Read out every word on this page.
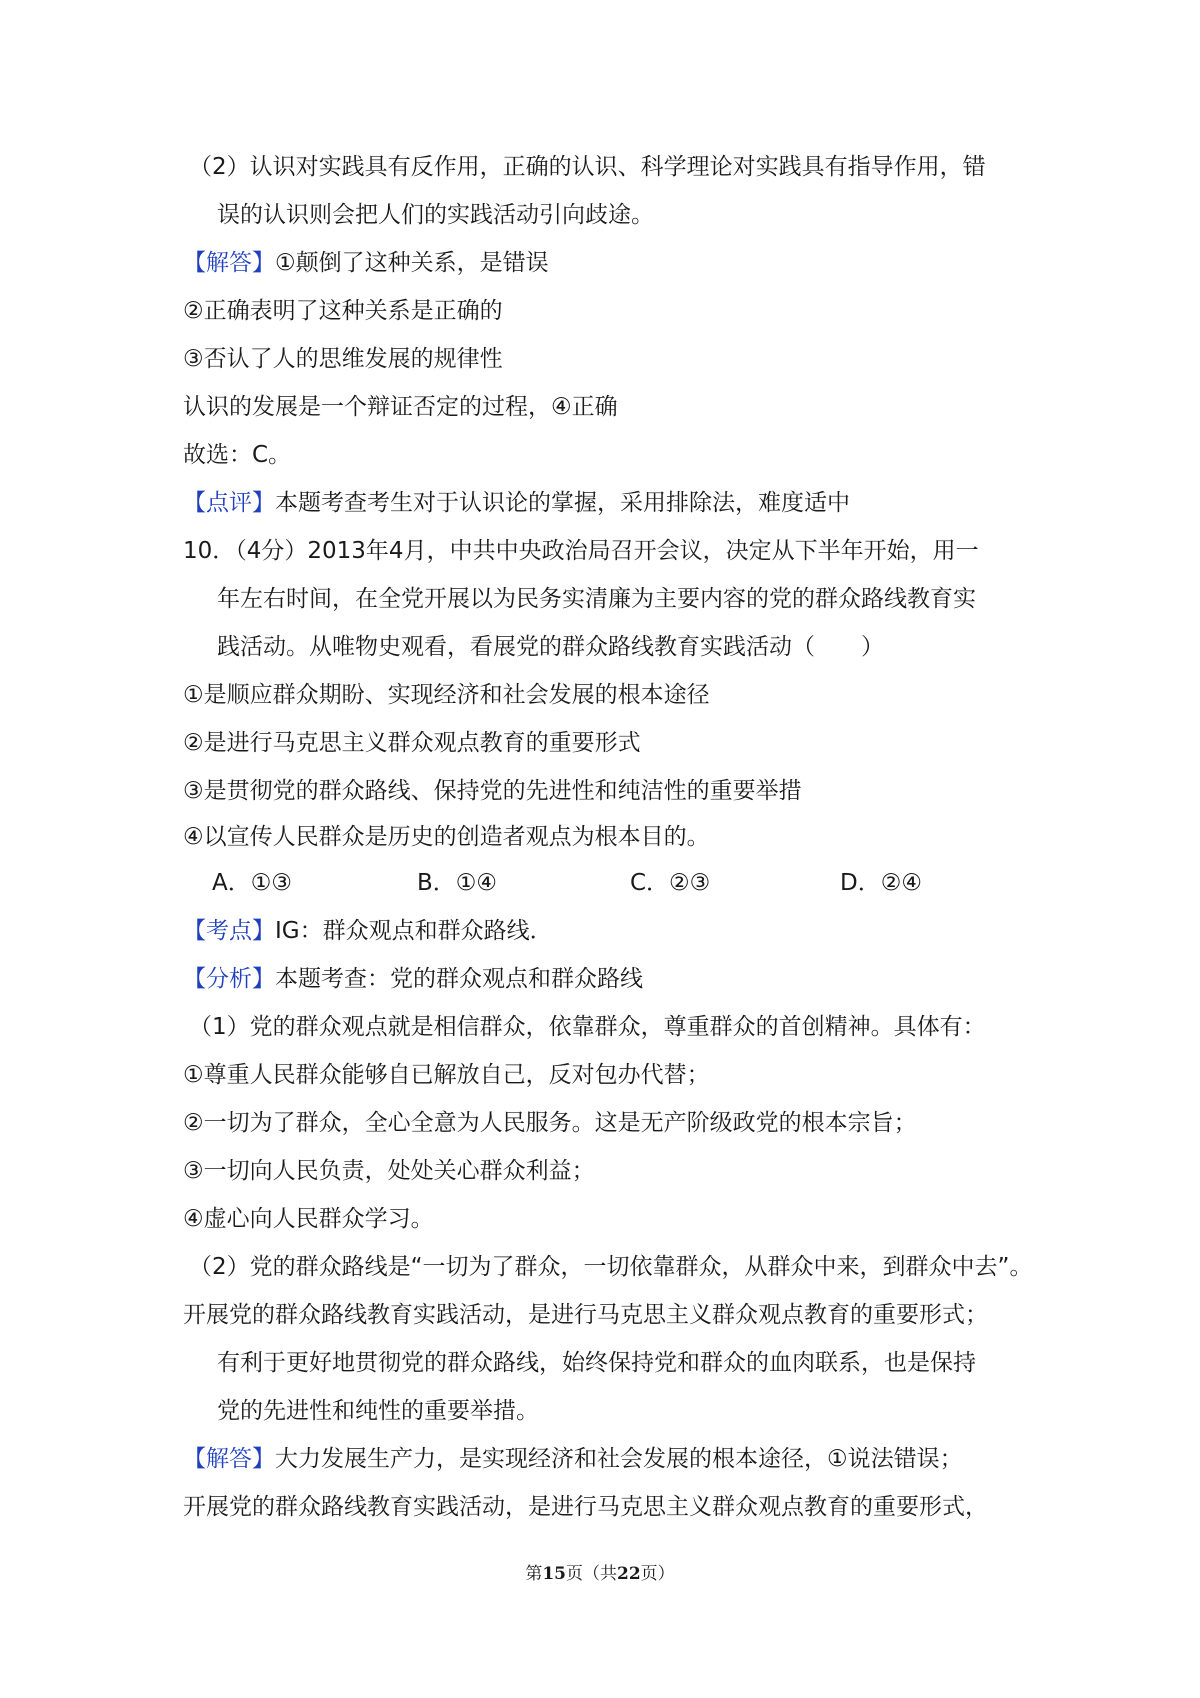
（2）认识对实践具有反作用，正确的认识、科学理论对实践具有指导作用，错
误的认识则会把人们的实践活动引向歧途。
【解答】①颠倒了这种关系，是错误
②正确表明了这种关系是正确的
③否认了人的思维发展的规律性
认识的发展是一个辩证否定的过程，④正确
故选：C。
【点评】本题考查考生对于认识论的掌握，采用排除法，难度适中
10．（4分）2013年4月，中共中央政治局召开会议，决定从下半年开始，用一
年左右时间，在全党开展以为民务实清廉为主要内容的党的群众路线教育实
践活动。从唯物史观看，看展党的群众路线教育实践活动（　　）
①是顺应群众期盼、实现经济和社会发展的根本途径
②是进行马克思主义群众观点教育的重要形式
③是贯彻党的群众路线、保持党的先进性和纯洁性的重要举措
④以宣传人民群众是历史的创造者观点为根本目的。
A．①③	B．①④	C．②③	D．②④
【考点】IG：群众观点和群众路线．
【分析】本题考查：党的群众观点和群众路线
（1）党的群众观点就是相信群众，依靠群众，尊重群众的首创精神。具体有：
①尊重人民群众能够自已解放自己，反对包办代替；
②一切为了群众，全心全意为人民服务。这是无产阶级政党的根本宗旨；
③一切向人民负责，处处关心群众利益；
④虚心向人民群众学习。
（2）党的群众路线是“一切为了群众，一切依靠群众，从群众中来，到群众中去”。
开展党的群众路线教育实践活动，是进行马克思主义群众观点教育的重要形式；
有利于更好地贯彻党的群众路线，始终保持党和群众的血肉联系，也是保持
党的先进性和纯性的重要举措。
【解答】大力发展生产力，是实现经济和社会发展的根本途径，①说法错误；
开展党的群众路线教育实践活动，是进行马克思主义群众观点教育的重要形式，
第15页（共22页）
